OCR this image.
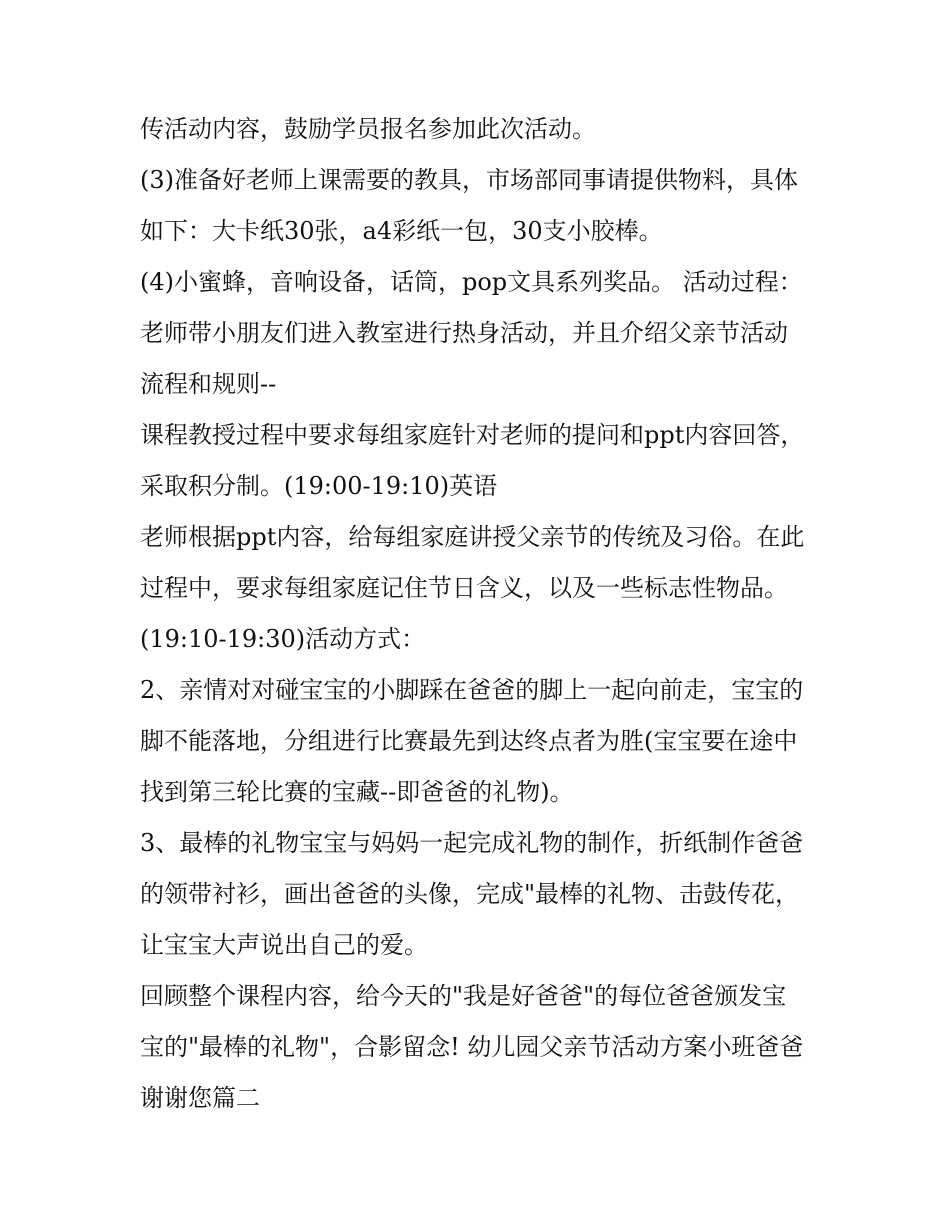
传活动内容，鼓励学员报名参加此次活动。

(3)准备好老师上课需要的教具，市场部同事请提供物料，具体如下：大卡纸30张，a4彩纸一包，30支小胶棒。

(4)小蜜蜂，音响设备，话筒，pop文具系列奖品。 活动过程： 老师带小朋友们进入教室进行热身活动，并且介绍父亲节活动流程和规则--

课程教授过程中要求每组家庭针对老师的提问和ppt内容回答，采取积分制。(19:00-19:10)英语

老师根据ppt内容，给每组家庭讲授父亲节的传统及习俗。在此过程中，要求每组家庭记住节日含义，以及一些标志性物品。(19:10-19:30)活动方式：

2、亲情对对碰宝宝的小脚踩在爸爸的脚上一起向前走，宝宝的脚不能落地，分组进行比赛最先到达终点者为胜(宝宝要在途中找到第三轮比赛的宝藏--即爸爸的礼物)。

3、最棒的礼物宝宝与妈妈一起完成礼物的制作，折纸制作爸爸的领带衬衫，画出爸爸的头像，完成"最棒的礼物、击鼓传花，让宝宝大声说出自己的爱。

回顾整个课程内容，给今天的"我是好爸爸"的每位爸爸颁发宝宝的"最棒的礼物"，合影留念! 幼儿园父亲节活动方案小班爸爸谢谢您篇二
